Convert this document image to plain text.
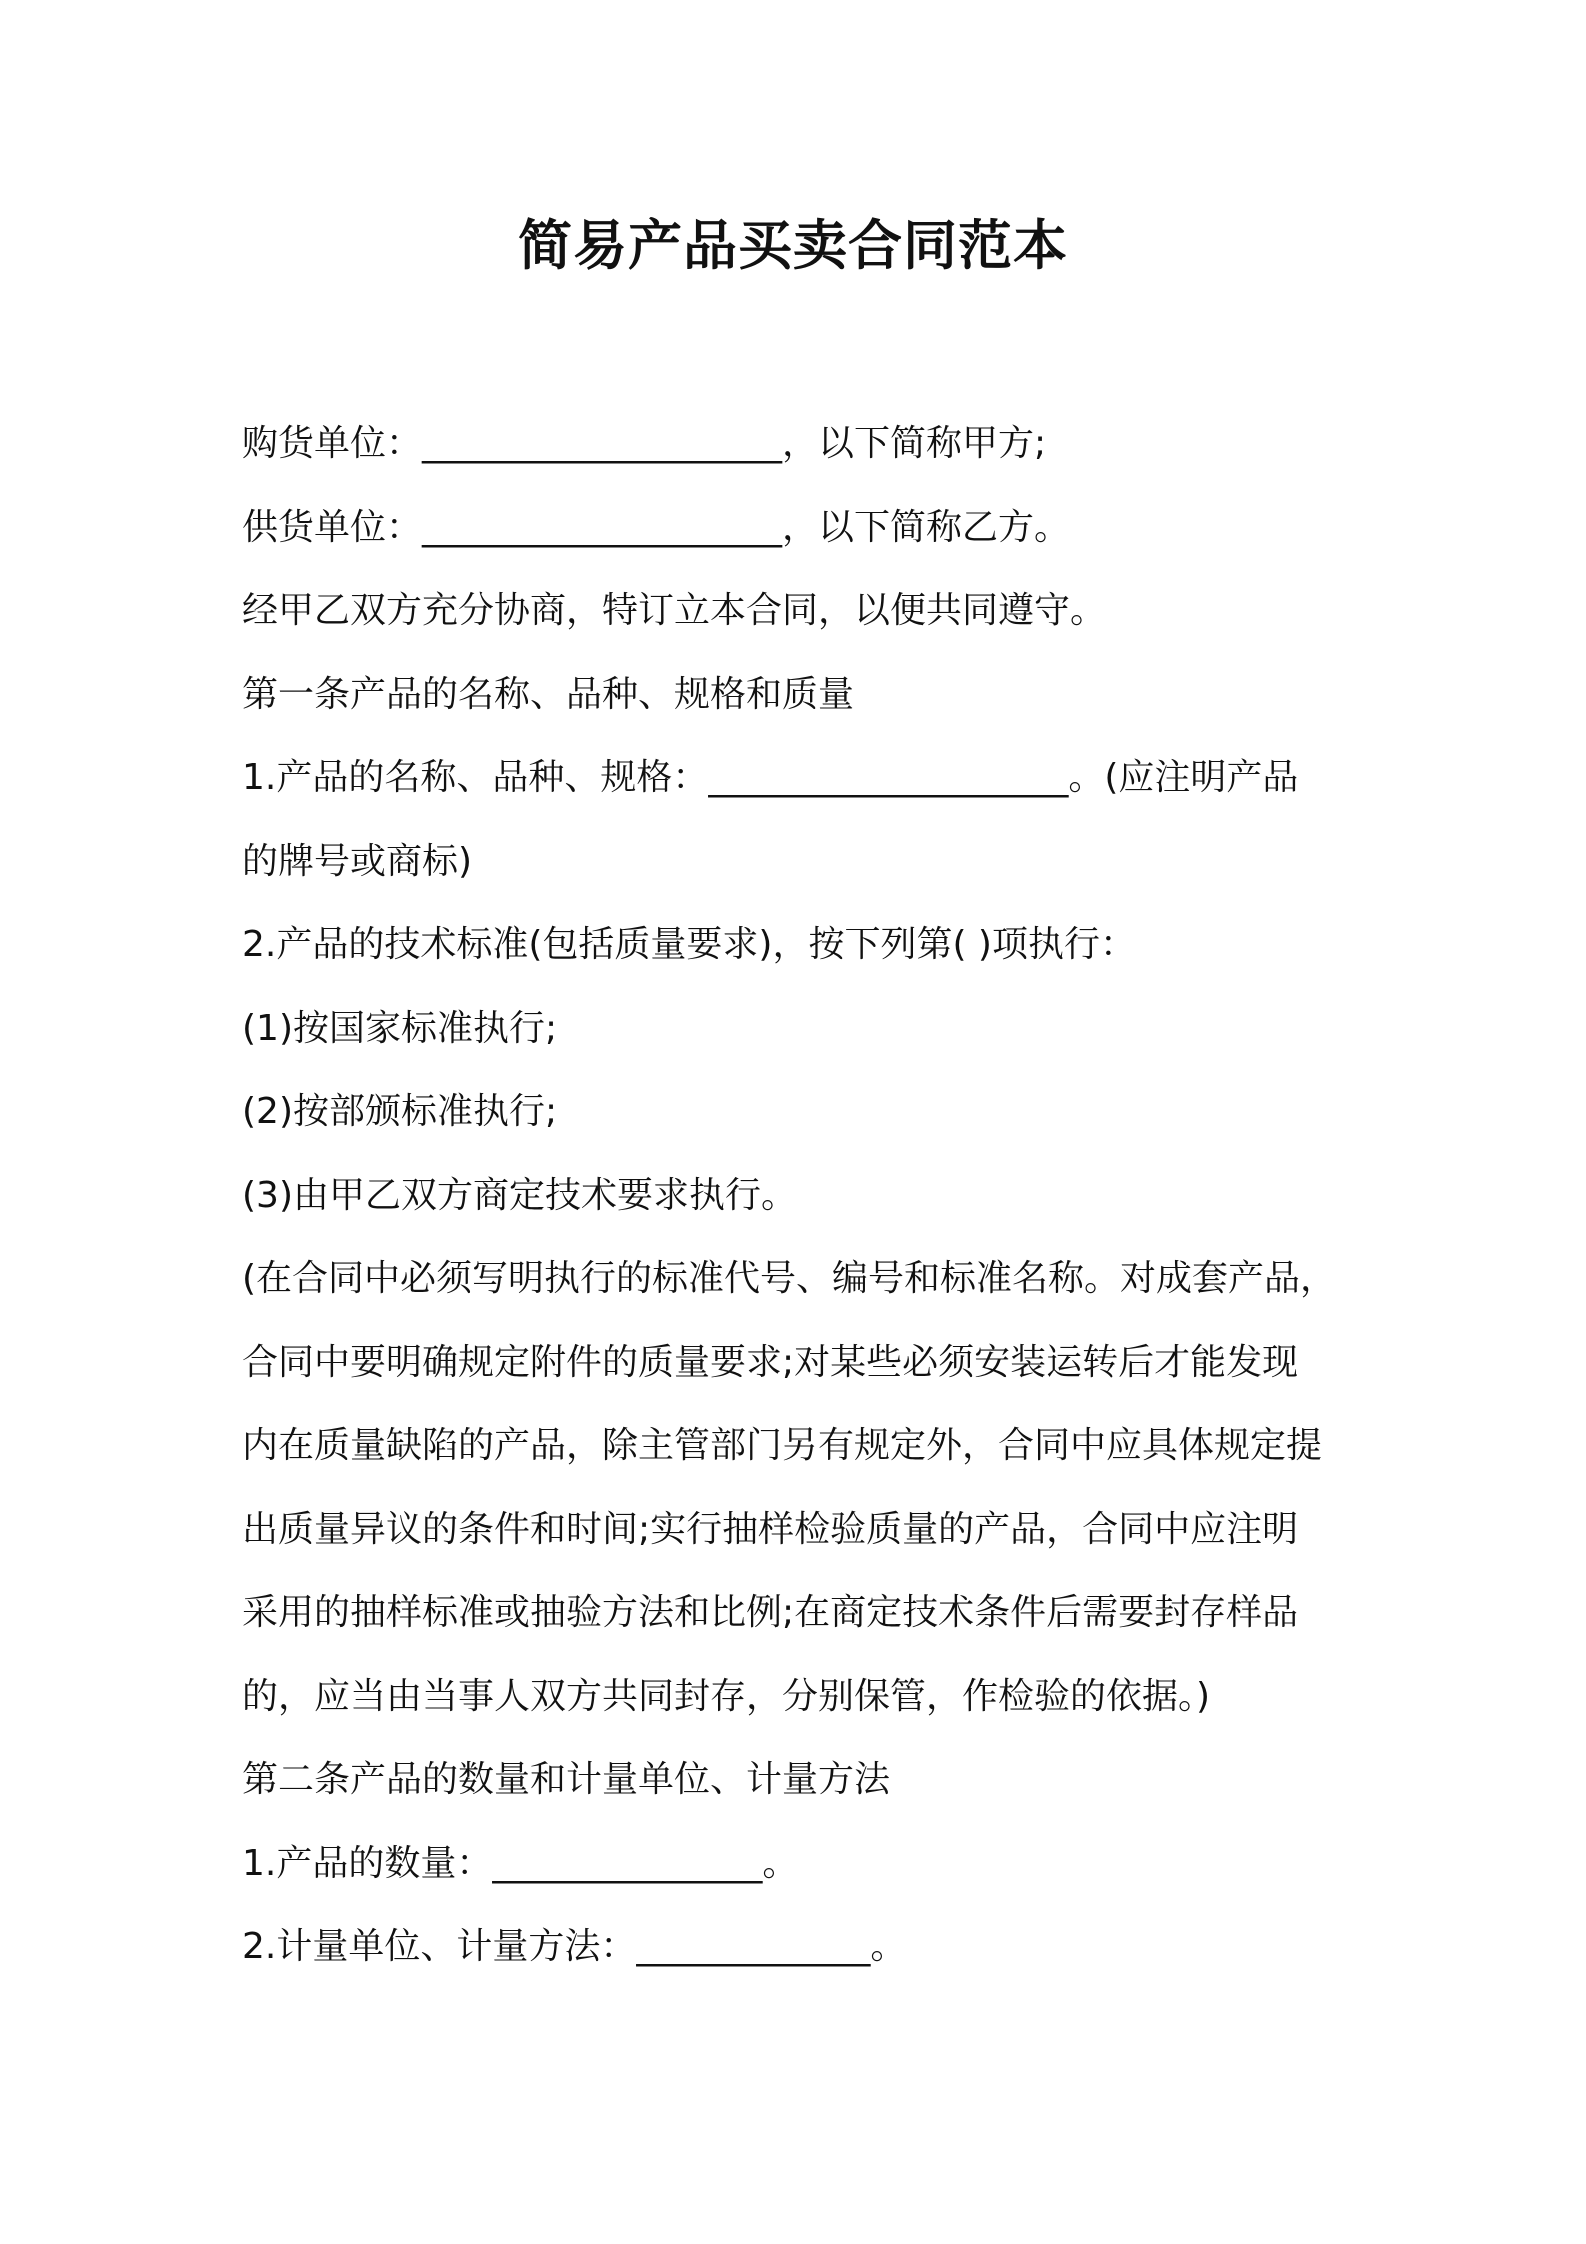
简易产品买卖合同范本

购货单位：____________________，以下简称甲方;

供货单位：____________________，以下简称乙方。

经甲乙双方充分协商，特订立本合同，以便共同遵守。

第一条产品的名称、品种、规格和质量

1.产品的名称、品种、规格：____________________。(应注明产品

的牌号或商标)

2.产品的技术标准(包括质量要求)，按下列第( )项执行：

(1)按国家标准执行;

(2)按部颁标准执行;

(3)由甲乙双方商定技术要求执行。

(在合同中必须写明执行的标准代号、编号和标准名称。对成套产品，

合同中要明确规定附件的质量要求;对某些必须安装运转后才能发现

内在质量缺陷的产品，除主管部门另有规定外，合同中应具体规定提

出质量异议的条件和时间;实行抽样检验质量的产品，合同中应注明

采用的抽样标准或抽验方法和比例;在商定技术条件后需要封存样品

的，应当由当事人双方共同封存，分别保管，作检验的依据。)

第二条产品的数量和计量单位、计量方法

1.产品的数量：_______________。

2.计量单位、计量方法：_____________。
